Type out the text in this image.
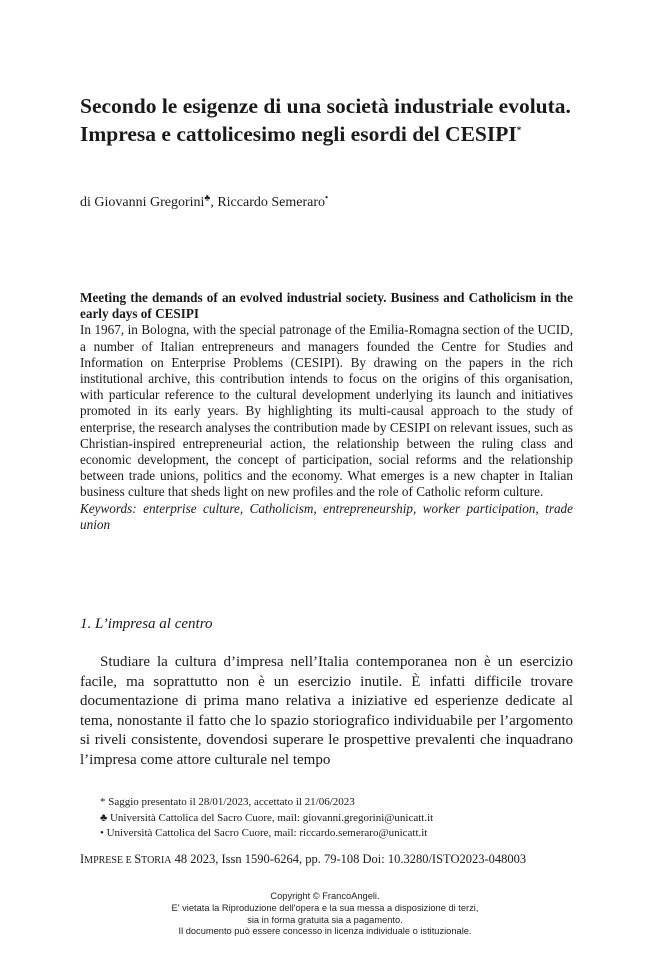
Secondo le esigenze di una società industriale evoluta. Impresa e cattolicesimo negli esordi del CESIPI*
di Giovanni Gregorini♣, Riccardo Semeraro•
Meeting the demands of an evolved industrial society. Business and Catholicism in the early days of CESIPI
In 1967, in Bologna, with the special patronage of the Emilia-Romagna section of the UCID, a number of Italian entrepreneurs and managers founded the Centre for Studies and Information on Enterprise Problems (CESIPI). By drawing on the papers in the rich institutional archive, this contribution intends to focus on the origins of this organisation, with particular reference to the cultural development underlying its launch and initiatives promoted in its early years. By highlighting its multi-causal approach to the study of enterprise, the research analyses the contribution made by CESIPI on relevant issues, such as Christian-inspired entrepreneurial action, the relationship between the ruling class and economic development, the concept of participation, social reforms and the relationship between trade unions, politics and the economy. What emerges is a new chapter in Italian business culture that sheds light on new profiles and the role of Catholic reform culture.
Keywords: enterprise culture, Catholicism, entrepreneurship, worker participation, trade union
1. L’impresa al centro

Studiare la cultura d’impresa nell’Italia contemporanea non è un esercizio facile, ma soprattutto non è un esercizio inutile. È infatti difficile trovare documentazione di prima mano relativa a iniziative ed esperienze dedicate al tema, nonostante il fatto che lo spazio storiografico individuabile per l’argomento si riveli consistente, dovendosi superare le prospettive prevalenti che inquadrano l’impresa come attore culturale nel tempo

* Saggio presentato il 28/01/2023, accettato il 21/06/2023
♣ Università Cattolica del Sacro Cuore, mail: giovanni.gregorini@unicatt.it
• Università Cattolica del Sacro Cuore, mail: riccardo.semeraro@unicatt.it
IMPRESE E STORIA 48 2023, Issn 1590-6264, pp. 79-108 Doi: 10.3280/ISTO2023-048003
Copyright © FrancoAngeli.
E' vietata la Riproduzione dell'opera e la sua messa a disposizione di terzi,
sia in forma gratuita sia a pagamento.
Il documento può essere concesso in licenza individuale o istituzionale.
